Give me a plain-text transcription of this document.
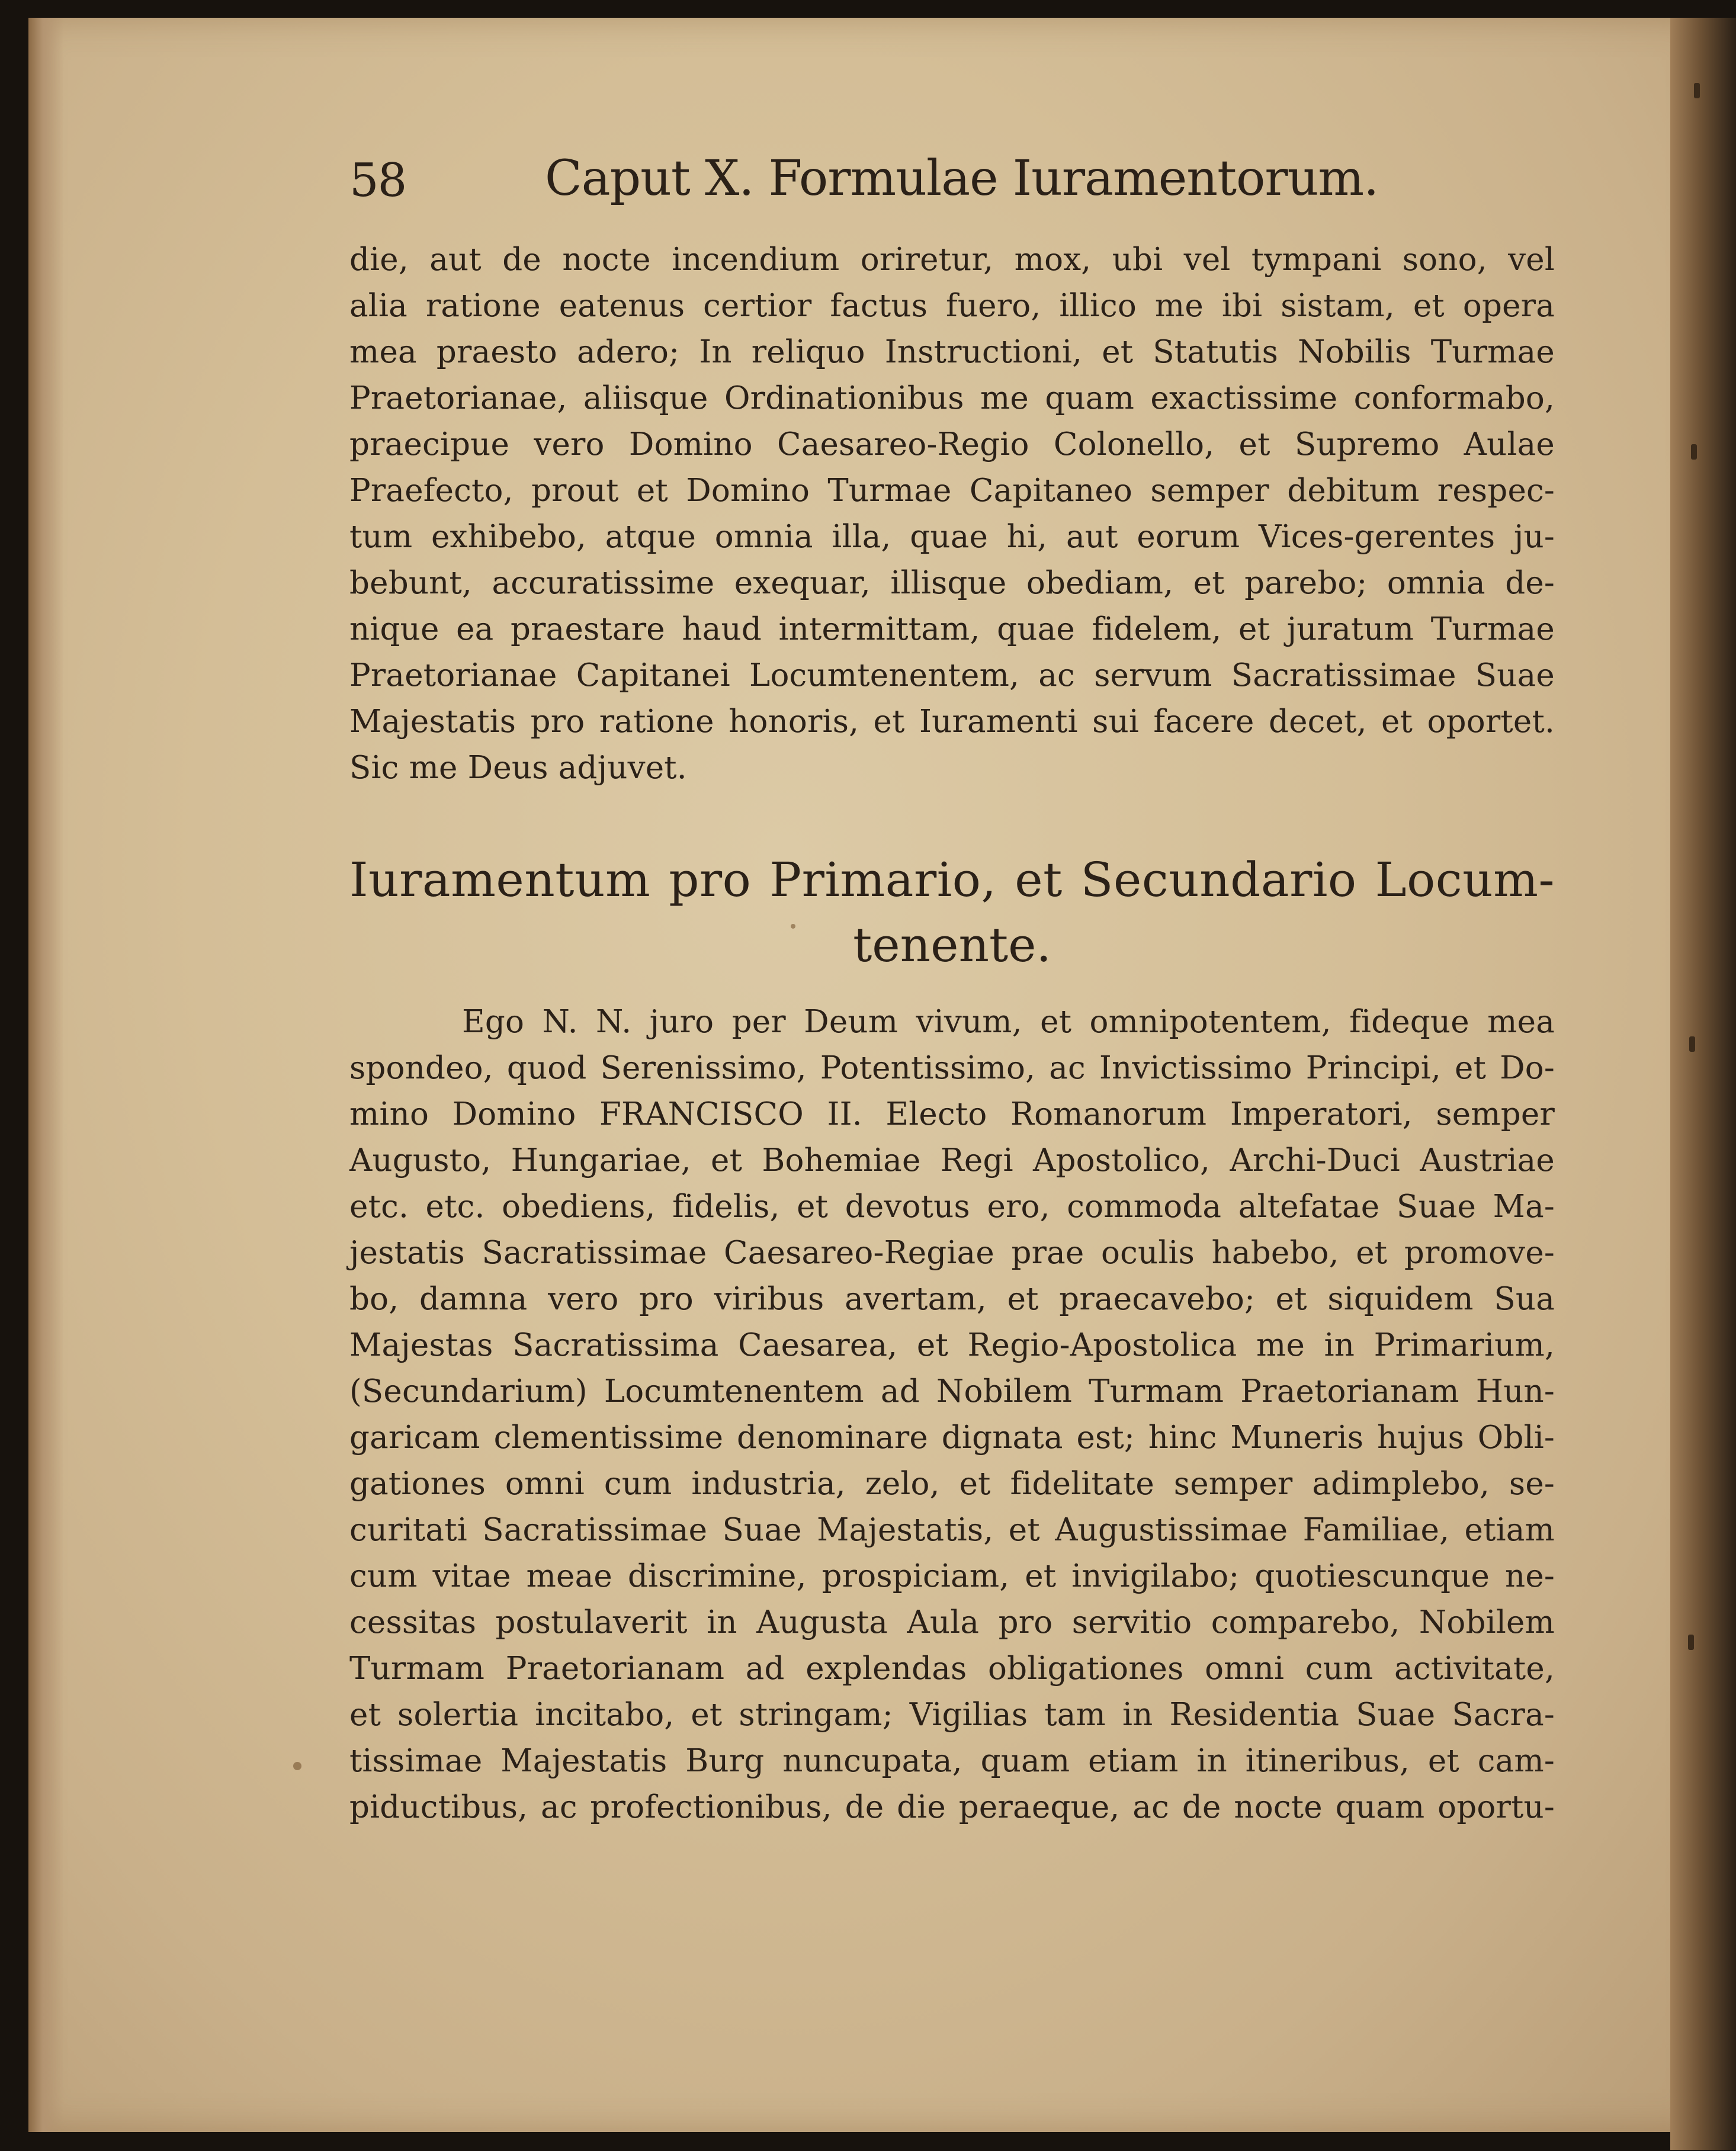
58	Caput X. Formulae Iuramentorum.
die, aut de nocte incendium oriretur, mox, ubi vel tympani sono, vel
alia ratione eatenus certior factus fuero, illico me ibi sistam, et opera
mea praesto adero; In reliquo Instructioni, et Statutis Nobilis Turmae
Praetorianae, aliisque Ordinationibus me quam exactissime conformabo,
praecipue vero Domino Caesareo-Regio Colonello, et Supremo Aulae
Praefecto, prout et Domino Turmae Capitaneo semper debitum respec-
tum exhibebo, atque omnia illa, quae hi, aut eorum Vices-gerentes ju-
bebunt, accuratissime exequar, illisque obediam, et parebo; omnia de-
nique ea praestare haud intermittam, quae fidelem, et juratum Turmae
Praetorianae Capitanei Locumtenentem, ac servum Sacratissimae Suae
Majestatis pro ratione honoris, et Iuramenti sui facere decet, et oportet.
Sic me Deus adjuvet.
Iuramentum pro Primario, et Secundario Locum-
tenente.
Ego N. N. juro per Deum vivum, et omnipotentem, fideque mea
spondeo, quod Serenissimo, Potentissimo, ac Invictissimo Principi, et Do-
mino Domino FRANCISCO II. Electo Romanorum Imperatori, semper
Augusto, Hungariae, et Bohemiae Regi Apostolico, Archi-Duci Austriae
etc. etc. obediens, fidelis, et devotus ero, commoda altefatae Suae Ma-
jestatis Sacratissimae Caesareo-Regiae prae oculis habebo, et promove-
bo, damna vero pro viribus avertam, et praecavebo; et siquidem Sua
Majestas Sacratissima Caesarea, et Regio-Apostolica me in Primarium,
(Secundarium) Locumtenentem ad Nobilem Turmam Praetorianam Hun-
garicam clementissime denominare dignata est; hinc Muneris hujus Obli-
gationes omni cum industria, zelo, et fidelitate semper adimplebo, se-
curitati Sacratissimae Suae Majestatis, et Augustissimae Familiae, etiam
cum vitae meae discrimine, prospiciam, et invigilabo; quotiescunque ne-
cessitas postulaverit in Augusta Aula pro servitio comparebo, Nobilem
Turmam Praetorianam ad explendas obligationes omni cum activitate,
et solertia incitabo, et stringam; Vigilias tam in Residentia Suae Sacra-
tissimae Majestatis Burg nuncupata, quam etiam in itineribus, et cam-
piductibus, ac profectionibus, de die peraeque, ac de nocte quam oportu-
